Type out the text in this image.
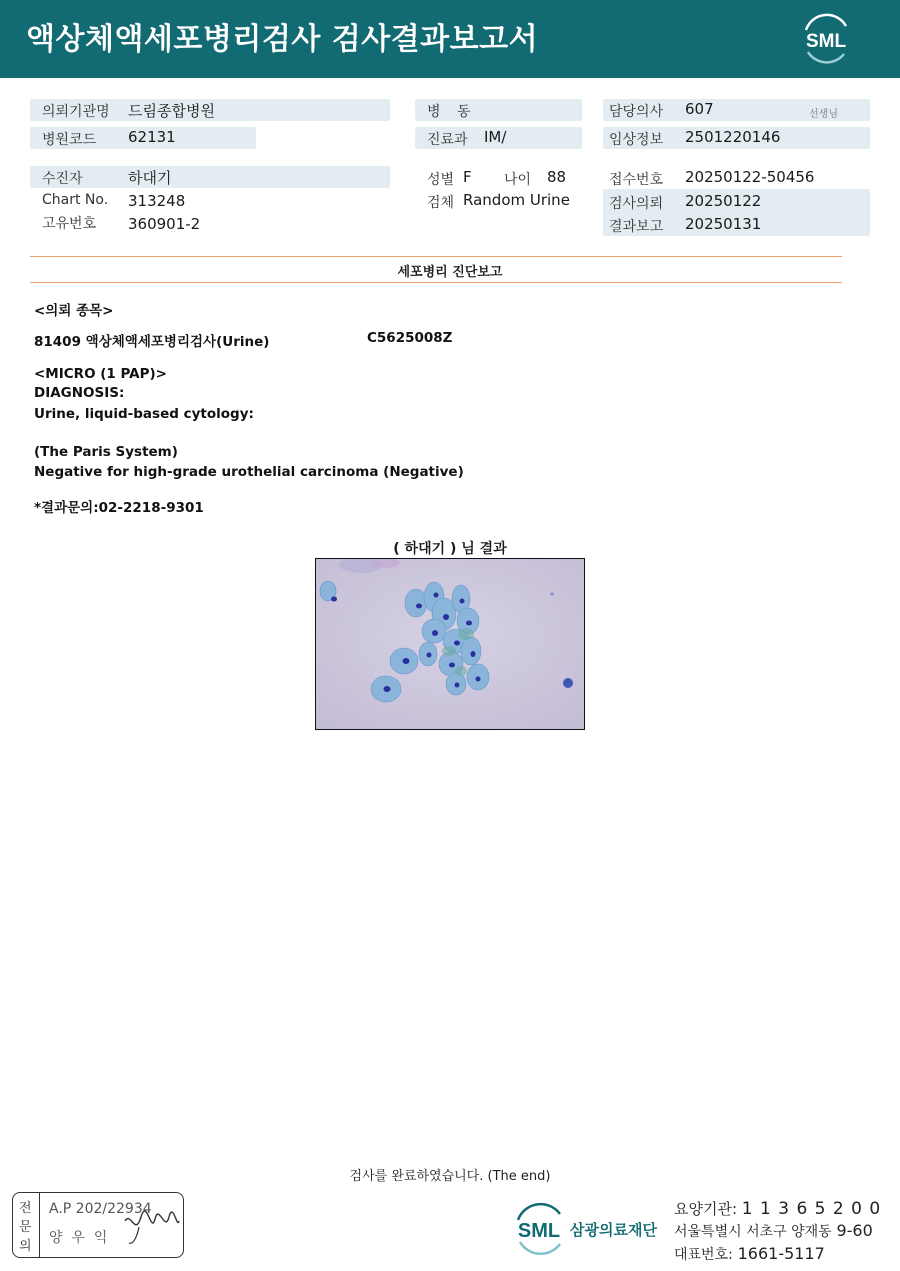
액상체액세포병리검사 검사결과보고서	SML
의뢰기관명 드림종합병원
병원코드 62131
수진자	하대기
Chart No. 313248
고유번호 360901-2
병 동
진료과 IM/
성별 F 나이 88
검체 Random Urine
담당의사 607	선생님
임상정보 2501220146
접수번호 20250122-50456
검사의뢰 20250122
결과보고 20250131
세포병리 진단보고
<의뢰 종목>
81409 액상체액세포병리검사(Urine)	C5625008Z
<MICRO (1 PAP)>
DIAGNOSIS:
Urine, liquid-based cytology:
(The Paris System)
Negative for high-grade urothelial carcinoma (Negative)
*결과문의:02-2218-9301
( 하대기 ) 님 결과
검사를 완료하였습니다. (The end)
전
문
의
A.P 202/22934
양  우  익	SML 삼광의료재단
요양기관: 1 1 3 6 5 2 0 0
서울특별시 서초구 양재동 9-60
대표번호: 1661-5117
